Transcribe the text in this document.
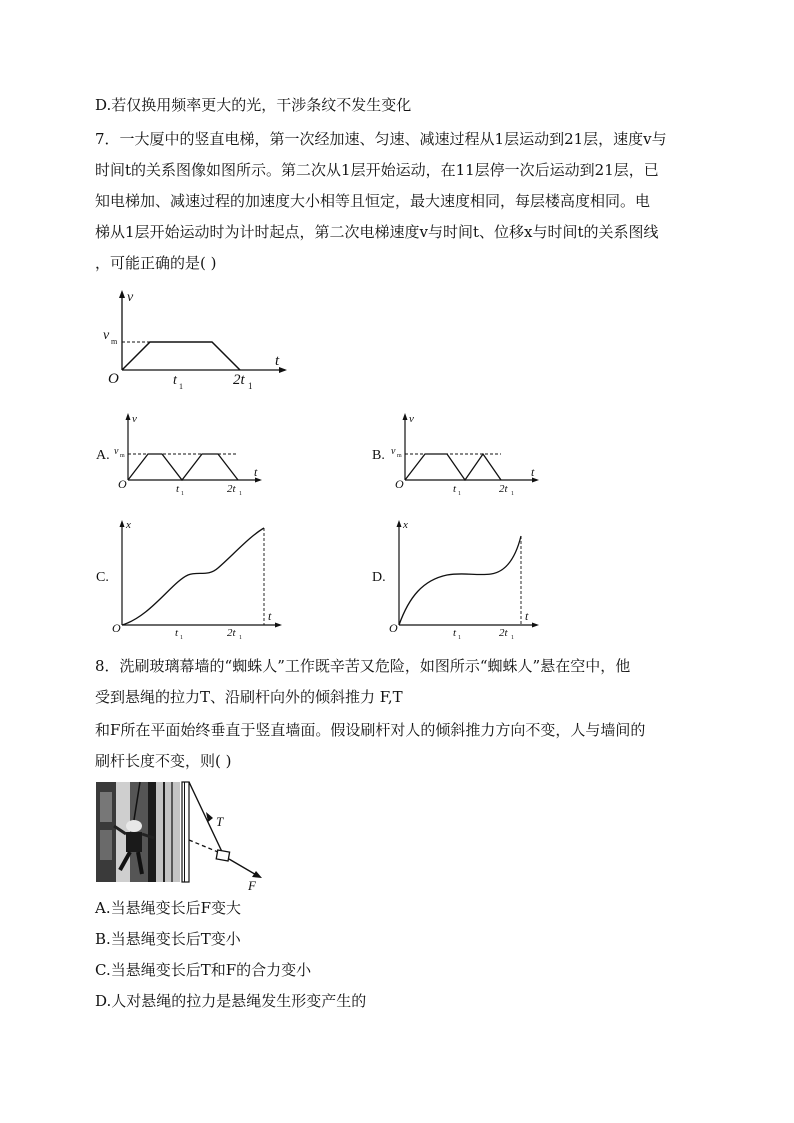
D.若仅换用频率更大的光，干涉条纹不发生变化
7．一大厦中的竖直电梯，第一次经加速、匀速、减速过程从1层运动到21层，速度v与
时间t的关系图像如图所示。第二次从1层开始运动，在11层停一次后运动到21层，已
知电梯加、减速过程的加速度大小相等且恒定，最大速度相同，每层楼高度相同。电
梯从1层开始运动时为计时起点，第二次电梯速度v与时间t、位移x与时间t的关系图线
，可能正确的是( )
v
t
O
v m
t 1	2t 1
A.
v
t
O
v m
t 1	2t 1
B.
v
t
O
v m
t 1	2t 1
C.
x
t
O	t 1	2t 1
D.
x
t
O	t 1	2t 1
8．洗刷玻璃幕墙的“蜘蛛人”工作既辛苦又危险，如图所示“蜘蛛人”悬在空中，他
受到悬绳的拉力T、沿刷杆向外的倾斜推力 F,T
和F所在平面始终垂直于竖直墙面。假设刷杆对人的倾斜推力方向不变，人与墙间的
刷杆长度不变，则( )
T
F
A.当悬绳变长后F变大
B.当悬绳变长后T变小
C.当悬绳变长后T和F的合力变小
D.人对悬绳的拉力是悬绳发生形变产生的
